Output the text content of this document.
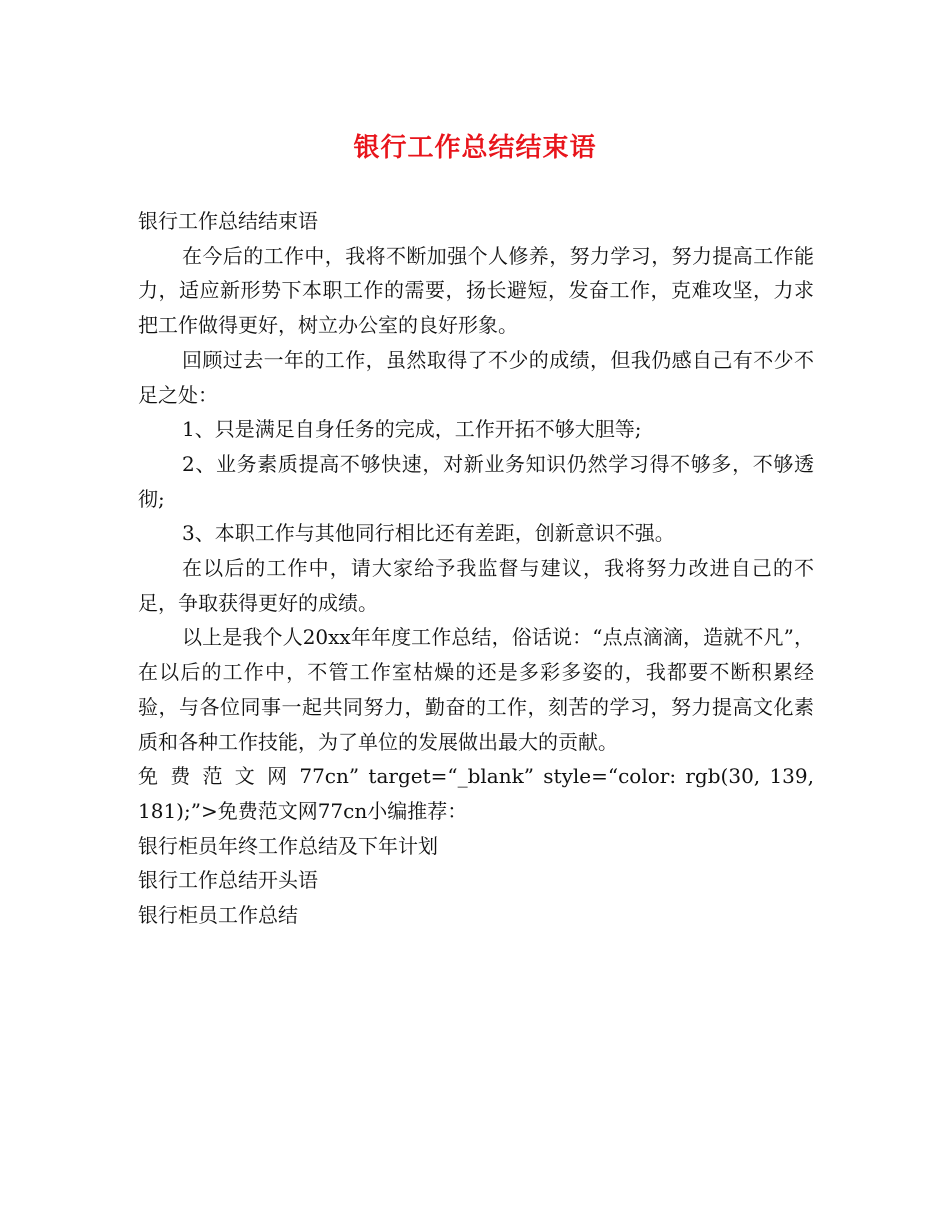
银行工作总结结束语

银行工作总结结束语

在今后的工作中，我将不断加强个人修养，努力学习，努力提高工作能力，适应新形势下本职工作的需要，扬长避短，发奋工作，克难攻坚，力求把工作做得更好，树立办公室的良好形象。

回顾过去一年的工作，虽然取得了不少的成绩，但我仍感自己有不少不足之处：

1、只是满足自身任务的完成，工作开拓不够大胆等;

2、业务素质提高不够快速，对新业务知识仍然学习得不够多，不够透彻;

3、本职工作与其他同行相比还有差距，创新意识不强。

在以后的工作中，请大家给予我监督与建议，我将努力改进自己的不足，争取获得更好的成绩。

以上是我个人20xx年年度工作总结，俗话说：“点点滴滴，造就不凡”，在以后的工作中，不管工作室枯燥的还是多彩多姿的，我都要不断积累经验，与各位同事一起共同努力，勤奋的工作，刻苦的学习，努力提高文化素质和各种工作技能，为了单位的发展做出最大的贡献。

免 费 范 文 网 77cn” target=“_blank” style=“color: rgb(30, 139, 181);”>免费范文网77cn小编推荐：

银行柜员年终工作总结及下年计划

银行工作总结开头语

银行柜员工作总结
